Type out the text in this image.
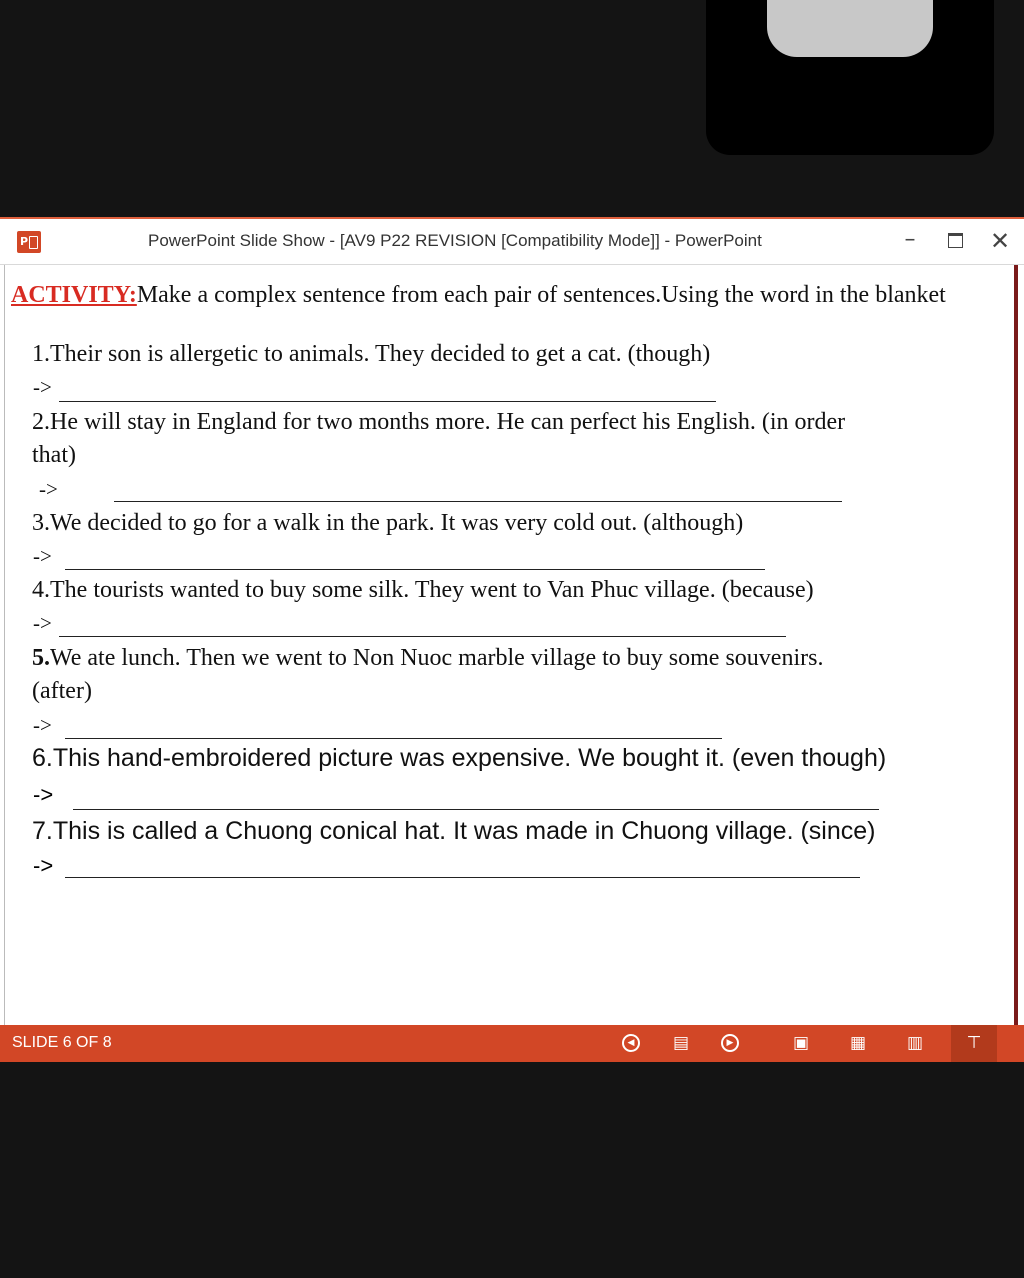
P	PowerPoint Slide Show - [AV9 P22 REVISION [Compatibility Mode]] - PowerPoint	–	✕
ACTIVITY:Make a complex sentence from each pair of sentences.Using the word in the blanket
1.Their son is allergetic to animals. They decided to get a cat. (though)
->
2.He will stay in England for two months more. He can perfect his English. (in order
that)
->
3.We decided to go for a walk in the park. It was very cold out. (although)
->
4.The tourists wanted to buy some silk. They went to Van Phuc village. (because)
->
5.We ate lunch. Then we went to Non Nuoc marble village to buy some souvenirs.
(after)
->
6.This hand-embroidered picture was expensive. We bought it. (even though)
->
7.This is called a Chuong conical hat. It was made in Chuong village. (since)
->
SLIDE 6 OF 8	◀	▤	▶	▣ ▦ ▥	⊤
